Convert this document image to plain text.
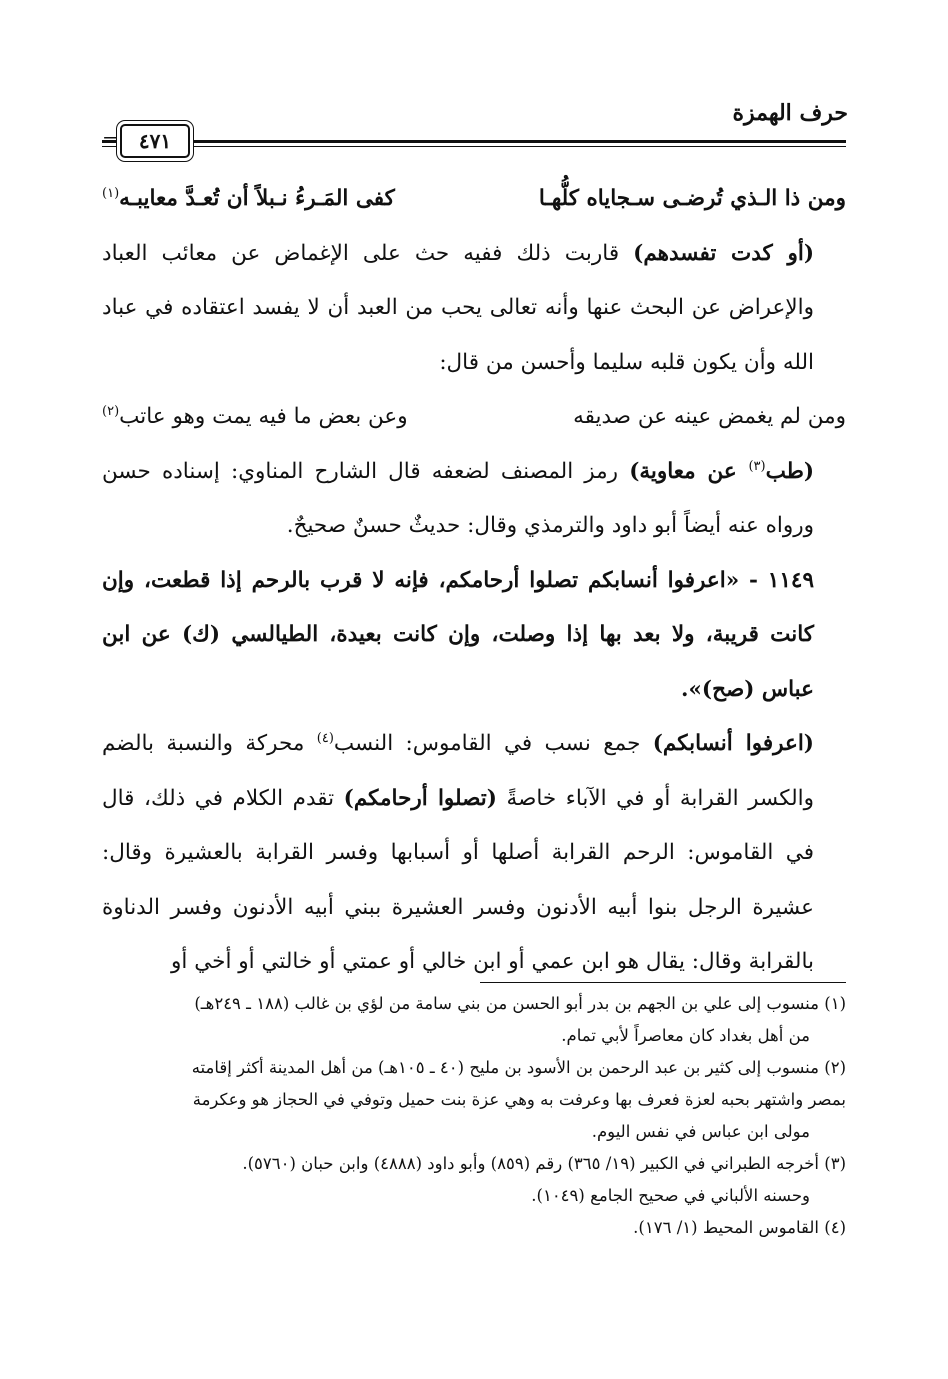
حرف الهمزة
=	٤٧١
ومن ذا الـذي تُرضـى سـجاياه كلُّهـا
كفى المَـرءُ نـبلاً أن تُعـدَّ معايبـه$^{(١)}$

(أو كدت تفسدهم) قاربت ذلك ففيه حث على الإغماض عن معائب العباد والإعراض عن البحث عنها وأنه تعالى يحب من العبد أن لا يفسد اعتقاده في عباد الله وأن يكون قلبه سليما وأحسن من قال:

ومن لم يغمض عينه عن صديقه
وعن بعض ما فيه يمت وهو عاتب$^{(٢)}$

(طب$^{(٣)}$ عن معاوية) رمز المصنف لضعفه قال الشارح المناوي: إسناده حسن ورواه عنه أيضاً أبو داود والترمذي وقال: حديثٌ حسنٌ صحيحٌ.

١١٤٩ - «اعرفوا أنسابكم تصلوا أرحامكم، فإنه لا قرب بالرحم إذا قطعت، وإن كانت قريبة، ولا بعد بها إذا وصلت، وإن كانت بعيدة، الطيالسي (ك) عن ابن عباس (صح)».

(اعرفوا أنسابكم) جمع نسب في القاموس: النسب$^{(٤)}$ محركة والنسبة بالضم والكسر القرابة أو في الآباء خاصةً (تصلوا أرحامكم) تقدم الكلام في ذلك، قال في القاموس: الرحم القرابة أصلها أو أسبابها وفسر القرابة بالعشيرة وقال: عشيرة الرجل بنوا أبيه الأدنون وفسر العشيرة ببني أبيه الأدنون وفسر الدناوة بالقرابة وقال: يقال هو ابن عمي أو ابن خالي أو عمتي أو خالتي أو أخي أو

(١) منسوب إلى علي بن الجهم بن بدر أبو الحسن من بني سامة من لؤي بن غالب (١٨٨ ـ ٢٤٩هـ)

من أهل بغداد كان معاصراً لأبي تمام.

(٢) منسوب إلى كثير بن عبد الرحمن بن الأسود بن مليح (٤٠ ـ ١٠٥هـ) من أهل المدينة أكثر إقامته

بمصر واشتهر بحبه لعزة فعرف بها وعرفت به وهي عزة بنت حميل وتوفي في الحجاز هو وعكرمة

مولى ابن عباس في نفس اليوم.

(٣) أخرجه الطبراني في الكبير (١٩/ ٣٦٥) رقم (٨٥٩) وأبو داود (٤٨٨٨) وابن حبان (٥٧٦٠).

وحسنه الألباني في صحيح الجامع (١٠٤٩).

(٤) القاموس المحيط (١/ ١٧٦).
